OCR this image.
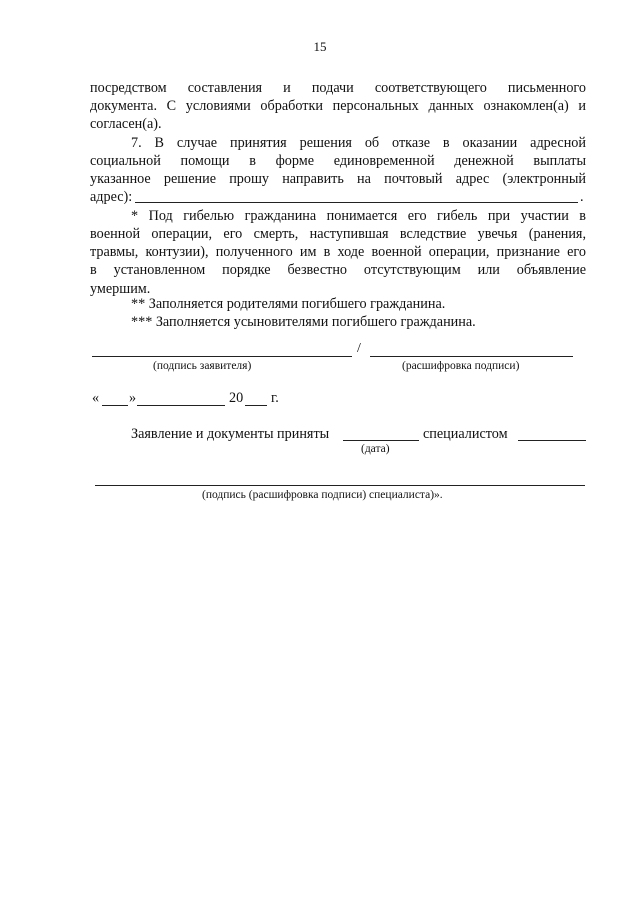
15
посредством составления и подачи соответствующего письменного
документа. С условиями обработки персональных данных ознакомлен(а) и
согласен(а).
7. В случае принятия решения об отказе в оказании адресной
социальной помощи в форме единовременной денежной выплаты
указанное решение прошу направить на почтовый адрес (электронный
адрес):	.
* Под гибелью гражданина понимается его гибель при участии в
военной операции, его смерть, наступившая вследствие увечья (ранения,
травмы, контузии), полученного им в ходе военной операции, признание его
в установленном порядке безвестно отсутствующим или объявление
умершим.
** Заполняется родителями погибшего гражданина.
*** Заполняется усыновителями погибшего гражданина.
/
(подпись заявителя)	(расшифровка подписи)
« »	20 г.
Заявление и документы приняты	специалистом
(дата)
(подпись (расшифровка подписи) специалиста)».
